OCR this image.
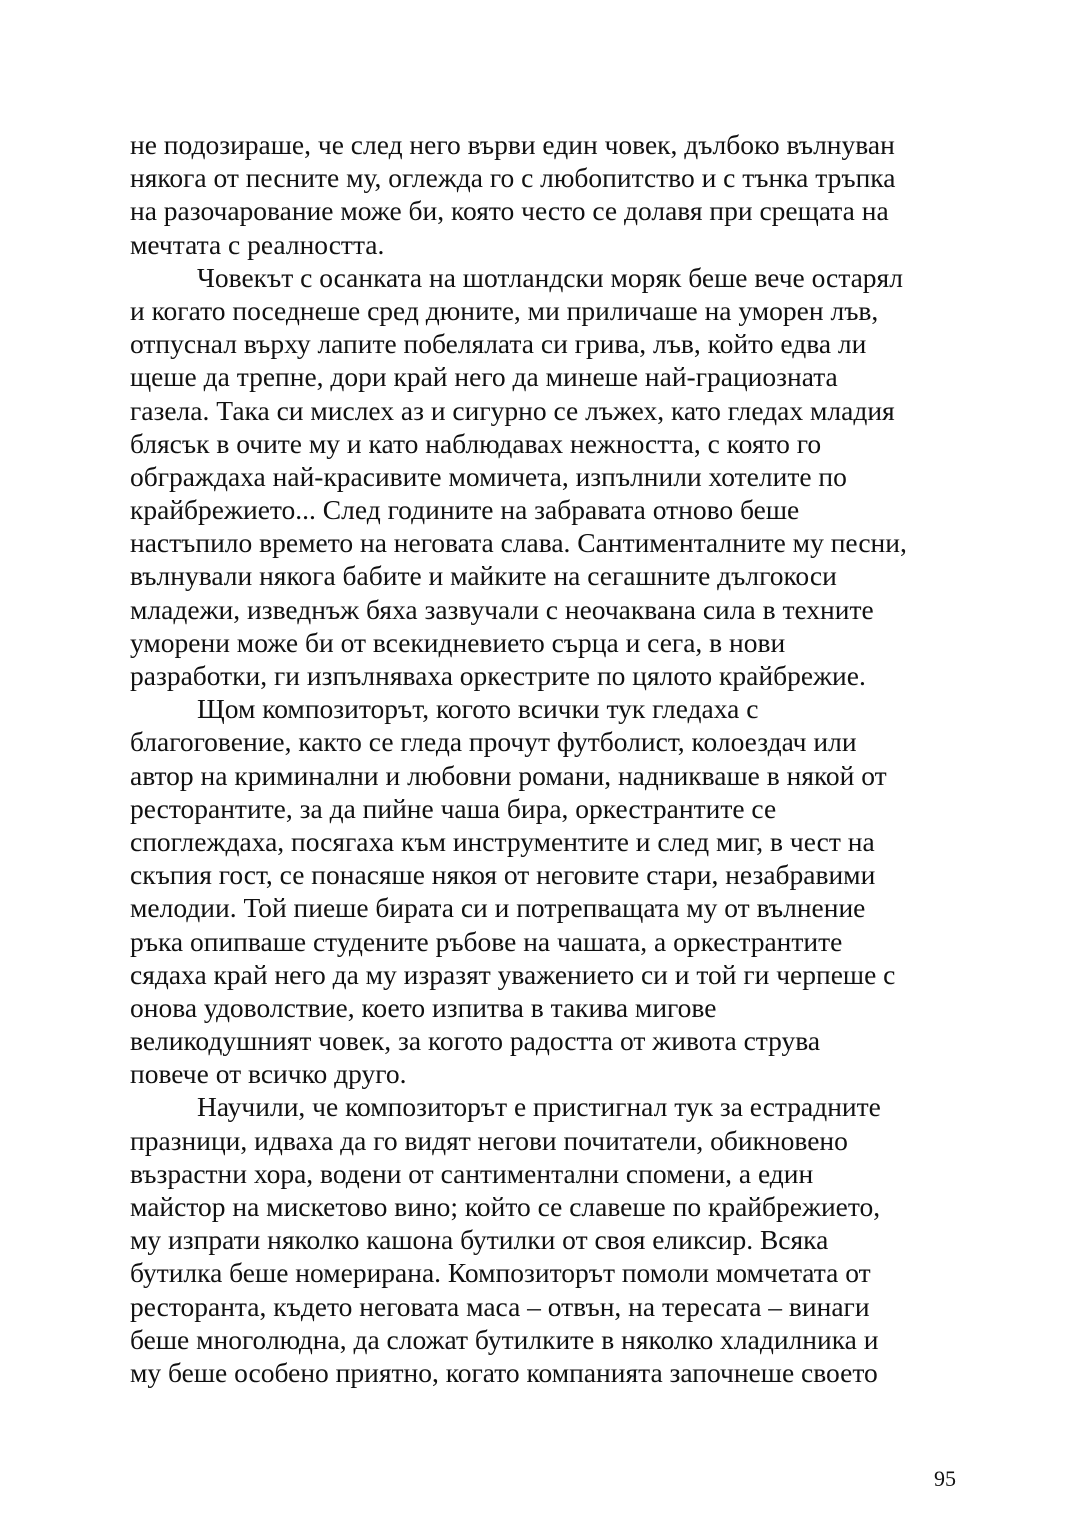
не подозираше, че след него върви един човек, дълбоко вълнуван
някога от песните му, оглежда го с любопитство и с тънка тръпка
на разочарование може би, която често се долавя при срещата на
мечтата с реалността.
Човекът с осанката на шотландски моряк беше вече остарял
и когато поседнеше сред дюните, ми приличаше на уморен лъв,
отпуснал върху лапите побелялата си грива, лъв, който едва ли
щеше да трепне, дори край него да минеше най-грациозната
газела. Така си мислех аз и сигурно се лъжех, като гледах младия
блясък в очите му и като наблюдавах нежността, с която го
обграждаха най-красивите момичета, изпълнили хотелите по
крайбрежието... След годините на забравата отново беше
настъпило времето на неговата слава. Сантименталните му песни,
вълнували някога бабите и майките на сегашните дългокоси
младежи, изведнъж бяха зазвучали с неочаквана сила в техните
уморени може би от всекидневието сърца и сега, в нови
разработки, ги изпълняваха оркестрите по цялото крайбрежие.
Щом композиторът, когото всички тук гледаха с
благоговение, както се гледа прочут футболист, колоездач или
автор на криминални и любовни романи, надникваше в някой от
ресторантите, за да пийне чаша бира, оркестрантите се
споглеждаха, посягаха към инструментите и след миг, в чест на
скъпия гост, се понасяше някоя от неговите стари, незабравими
мелодии. Той пиеше бирата си и потрепващата му от вълнение
ръка опипваше студените ръбове на чашата, а оркестрантите
сядаха край него да му изразят уважението си и той ги черпеше с
онова удоволствие, което изпитва в такива мигове
великодушният човек, за когото радостта от живота струва
повече от всичко друго.
Научили, че композиторът е пристигнал тук за естрадните
празници, идваха да го видят негови почитатели, обикновено
възрастни хора, водени от сантиментални спомени, а един
майстор на мискетово вино; който се славеше по крайбрежието,
му изпрати няколко кашона бутилки от своя еликсир. Всяка
бутилка беше номерирана. Композиторът помоли момчетата от
ресторанта, където неговата маса – отвън, на тересата – винаги
беше многолюдна, да сложат бутилките в няколко хладилника и
му беше особено приятно, когато компанията започнеше своето
95
